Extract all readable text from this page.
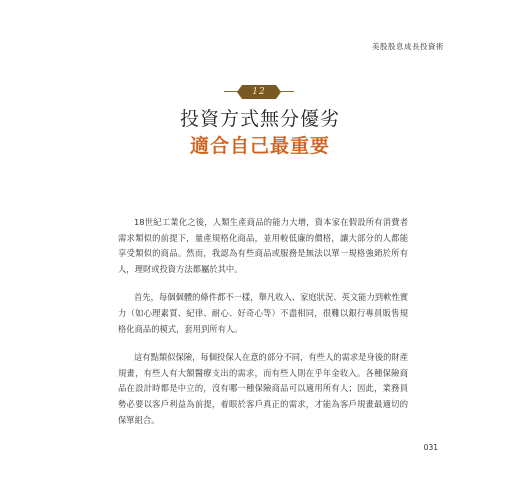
美股股息成長投資術
12
投資方式無分優劣
適合自己最重要

18世紀工業化之後，人類生產商品的能力大增，資本家在假設所有消費者需求類似的前提下，量產規格化商品，並用較低廉的價格，讓大部分的人都能享受類似的商品。然而，我認為有些商品或服務是無法以單一規格強銷於所有人，理財或投資方法都屬於其中。

首先，每個個體的條件都不一樣，舉凡收入、家庭狀況、英文能力到軟性實力（如心理素質、紀律、耐心、好奇心等）不盡相同，很難以銀行專員販售規格化商品的模式，套用到所有人。

這有點類似保險，每個投保人在意的部分不同，有些人的需求是身後的財產規畫，有些人有大額醫療支出的需求，而有些人則在乎年金收入。各種保險商品在設計時都是中立的，沒有哪一種保險商品可以適用所有人；因此，業務員勢必要以客戶利益為前提，着眼於客戶真正的需求，才能為客戶規畫最適切的保單組合。

031
